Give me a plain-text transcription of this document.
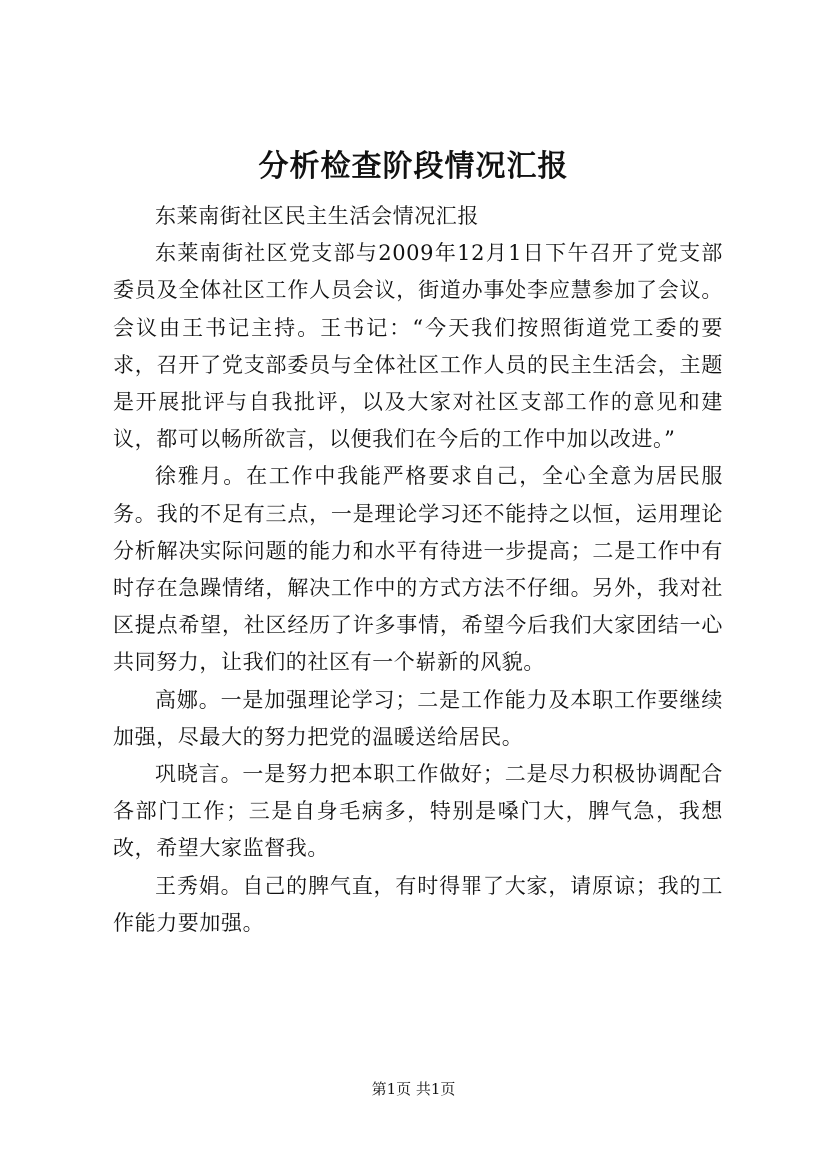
分析检查阶段情况汇报

东莱南街社区民主生活会情况汇报

东莱南街社区党支部与2009年12月1日下午召开了党支部委员及全体社区工作人员会议，街道办事处李应慧参加了会议。会议由王书记主持。王书记：“今天我们按照街道党工委的要求，召开了党支部委员与全体社区工作人员的民主生活会，主题是开展批评与自我批评，以及大家对社区支部工作的意见和建议，都可以畅所欲言，以便我们在今后的工作中加以改进。”

徐雅月。在工作中我能严格要求自己，全心全意为居民服务。我的不足有三点，一是理论学习还不能持之以恒，运用理论分析解决实际问题的能力和水平有待进一步提高；二是工作中有时存在急躁情绪，解决工作中的方式方法不仔细。另外，我对社区提点希望，社区经历了许多事情，希望今后我们大家团结一心共同努力，让我们的社区有一个崭新的风貌。

高娜。一是加强理论学习；二是工作能力及本职工作要继续加强，尽最大的努力把党的温暖送给居民。

巩晓言。一是努力把本职工作做好；二是尽力积极协调配合各部门工作；三是自身毛病多，特别是嗓门大，脾气急，我想改，希望大家监督我。

王秀娟。自己的脾气直，有时得罪了大家，请原谅；我的工作能力要加强。

第1页 共1页
